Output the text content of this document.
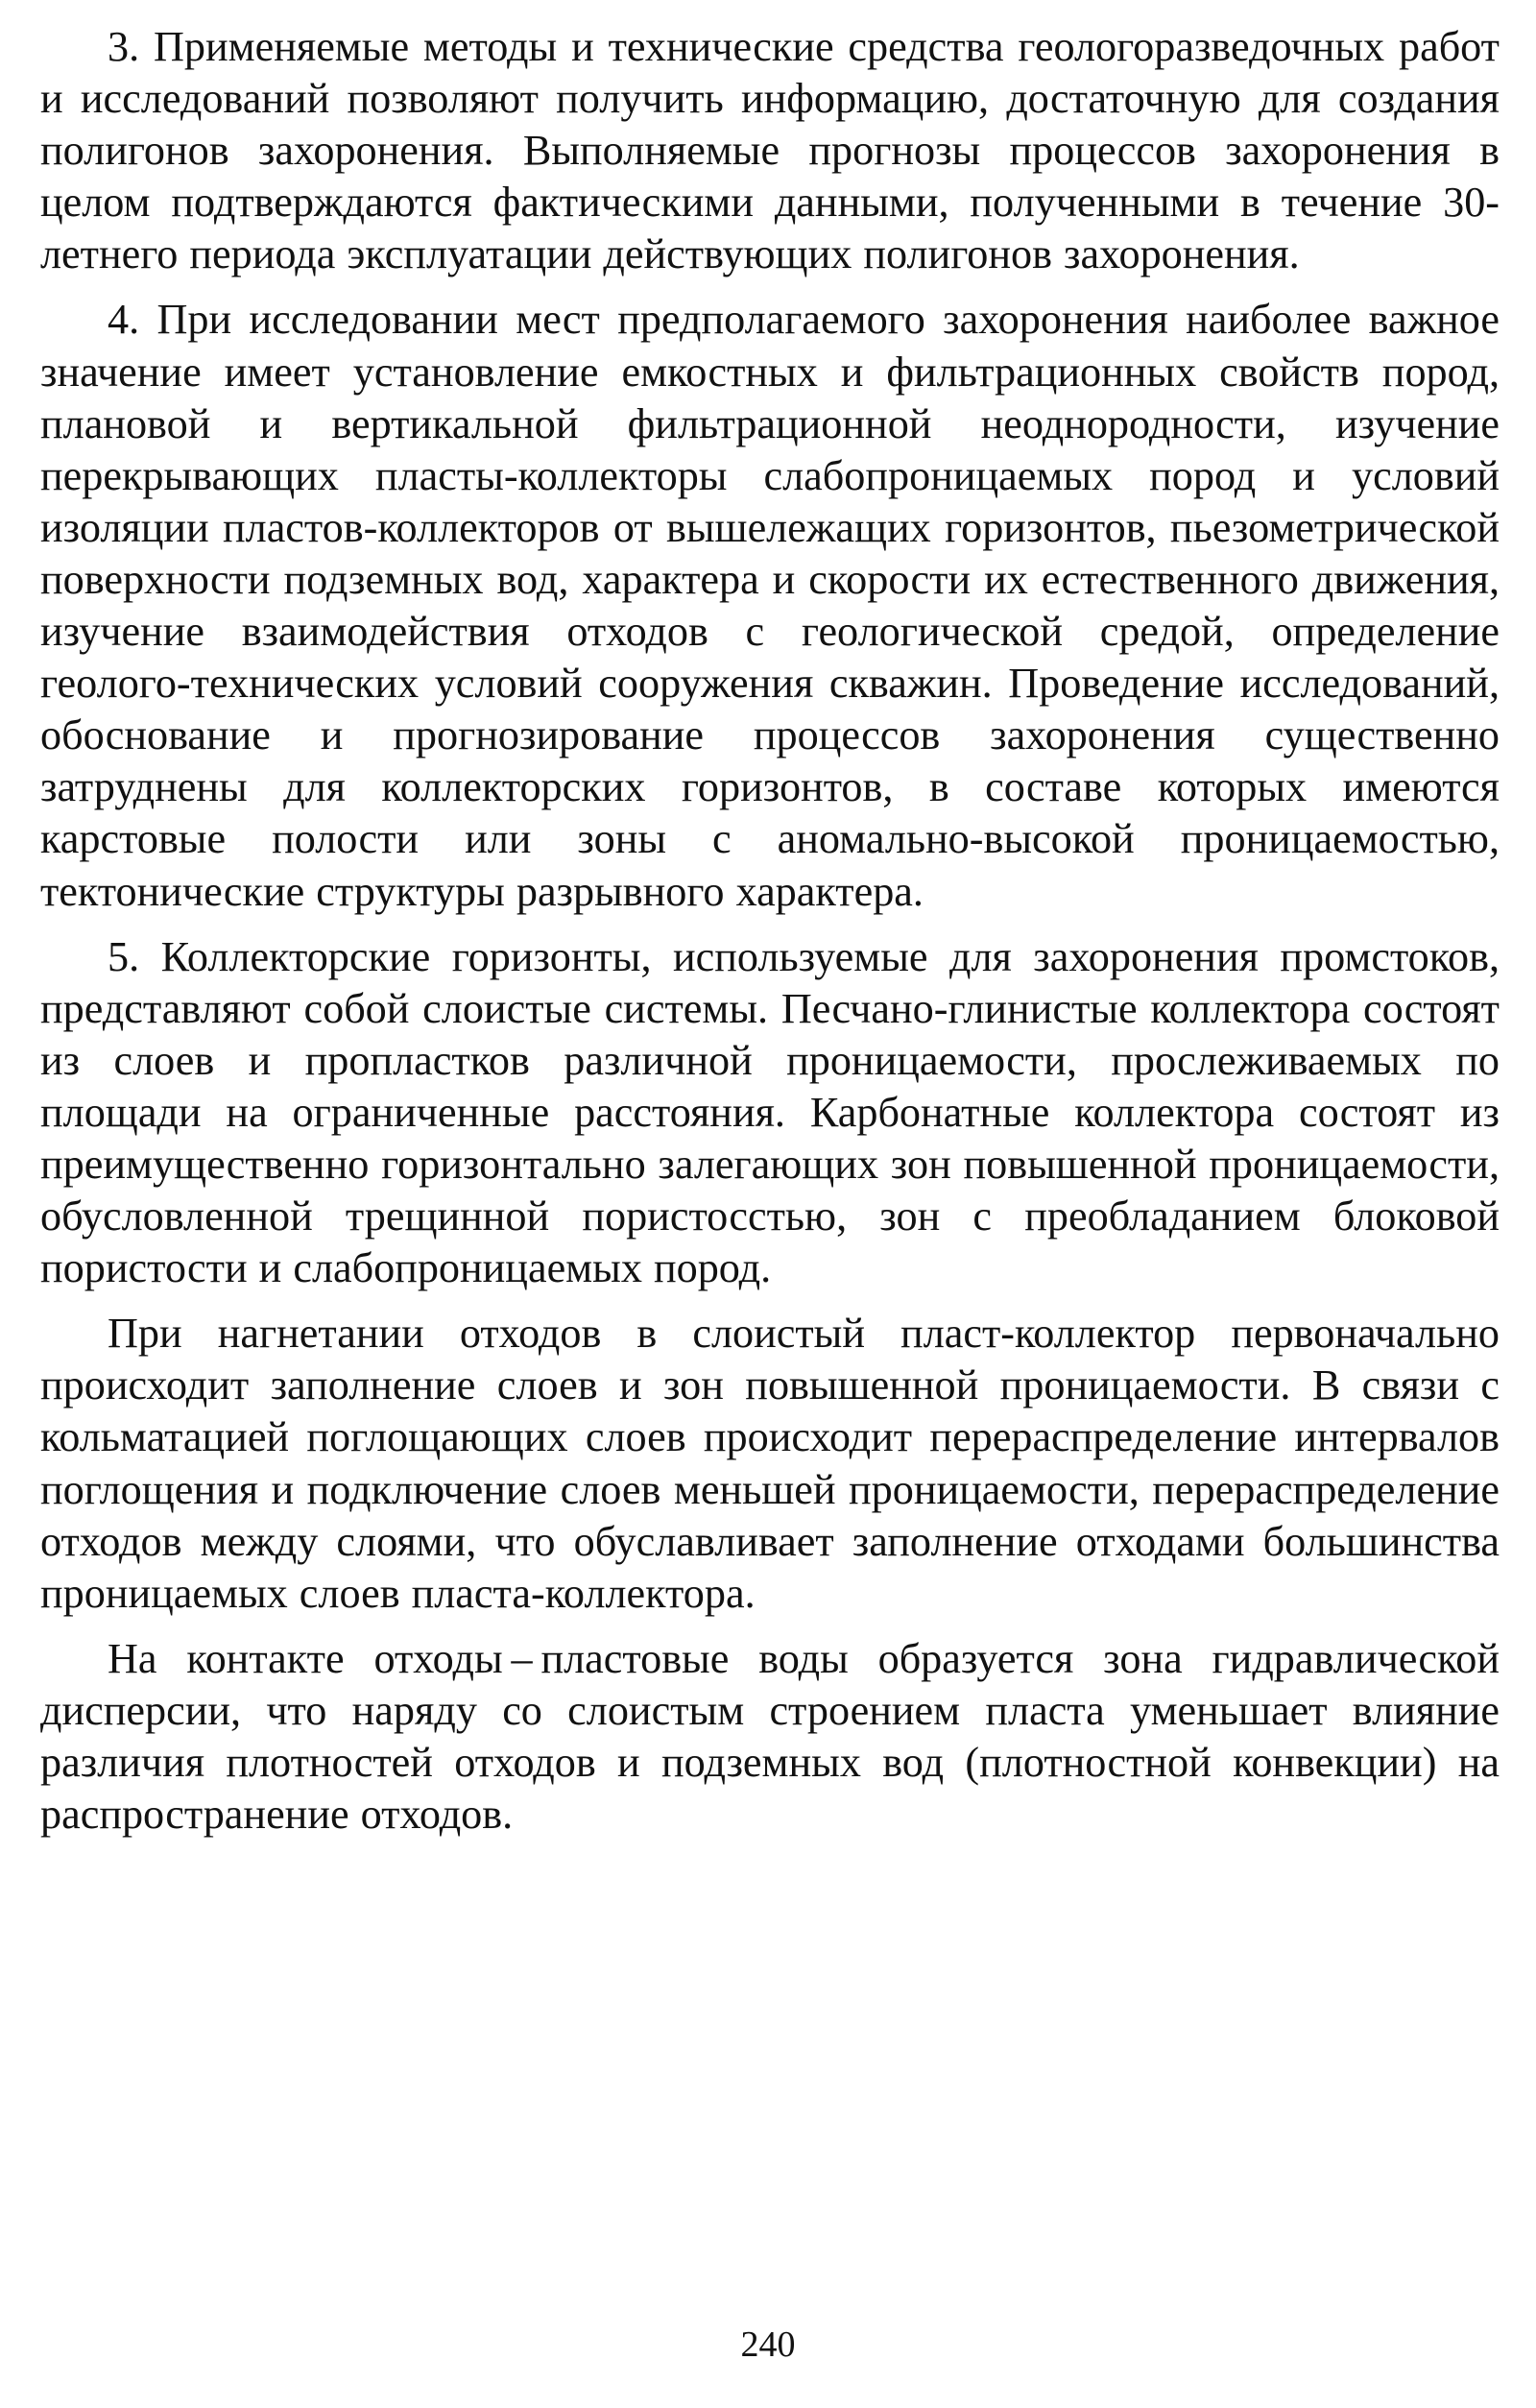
3. Применяемые методы и технические средства геологоразведочных работ и исследований позволяют получить информацию, достаточную для создания полигонов захоронения. Выполняемые прогнозы процессов захоронения в целом подтверждаются фактическими данными, полученными в течение 30-летнего периода эксплуатации действующих полигонов захоронения.

4. При исследовании мест предполагаемого захоронения наиболее важное значение имеет установление емкостных и фильтрационных свойств пород, плановой и вертикальной фильтрационной неоднородности, изучение перекрывающих пласты-коллекторы слабопроницаемых пород и условий изоляции пластов-коллекторов от вышележащих горизонтов, пьезометрической поверхности подземных вод, характера и скорости их естественного движения, изучение взаимодействия отходов с геологической средой, определение геолого-технических условий сооружения скважин. Проведение исследований, обоснование и прогнозирование процессов захоронения существенно затруднены для коллекторских горизонтов, в составе которых имеются карстовые полости или зоны с аномально-высокой проницаемостью, тектонические структуры разрывного характера.

5. Коллекторские горизонты, используемые для захоронения промстоков, представляют собой слоистые системы. Песчано-глинистые коллектора состоят из слоев и пропластков различной проницаемости, прослеживаемых по площади на ограниченные расстояния. Карбонатные коллектора состоят из преимущественно горизонтально залегающих зон повышенной проницаемости, обусловленной трещинной пористосстью, зон с преобладанием блоковой пористости и слабопроницаемых пород.

При нагнетании отходов в слоистый пласт-коллектор первоначально происходит заполнение слоев и зон повышенной проницаемости. В связи с кольматацией поглощающих слоев происходит перераспределение интервалов поглощения и подключение слоев меньшей проницаемости, перераспределение отходов между слоями, что обуславливает заполнение отходами большинства проницаемых слоев пласта-коллектора.

На контакте отходы – пластовые воды образуется зона гидравлической дисперсии, что наряду со слоистым строением пласта уменьшает влияние различия плотностей отходов и подземных вод (плотностной конвекции) на распространение отходов.

240
